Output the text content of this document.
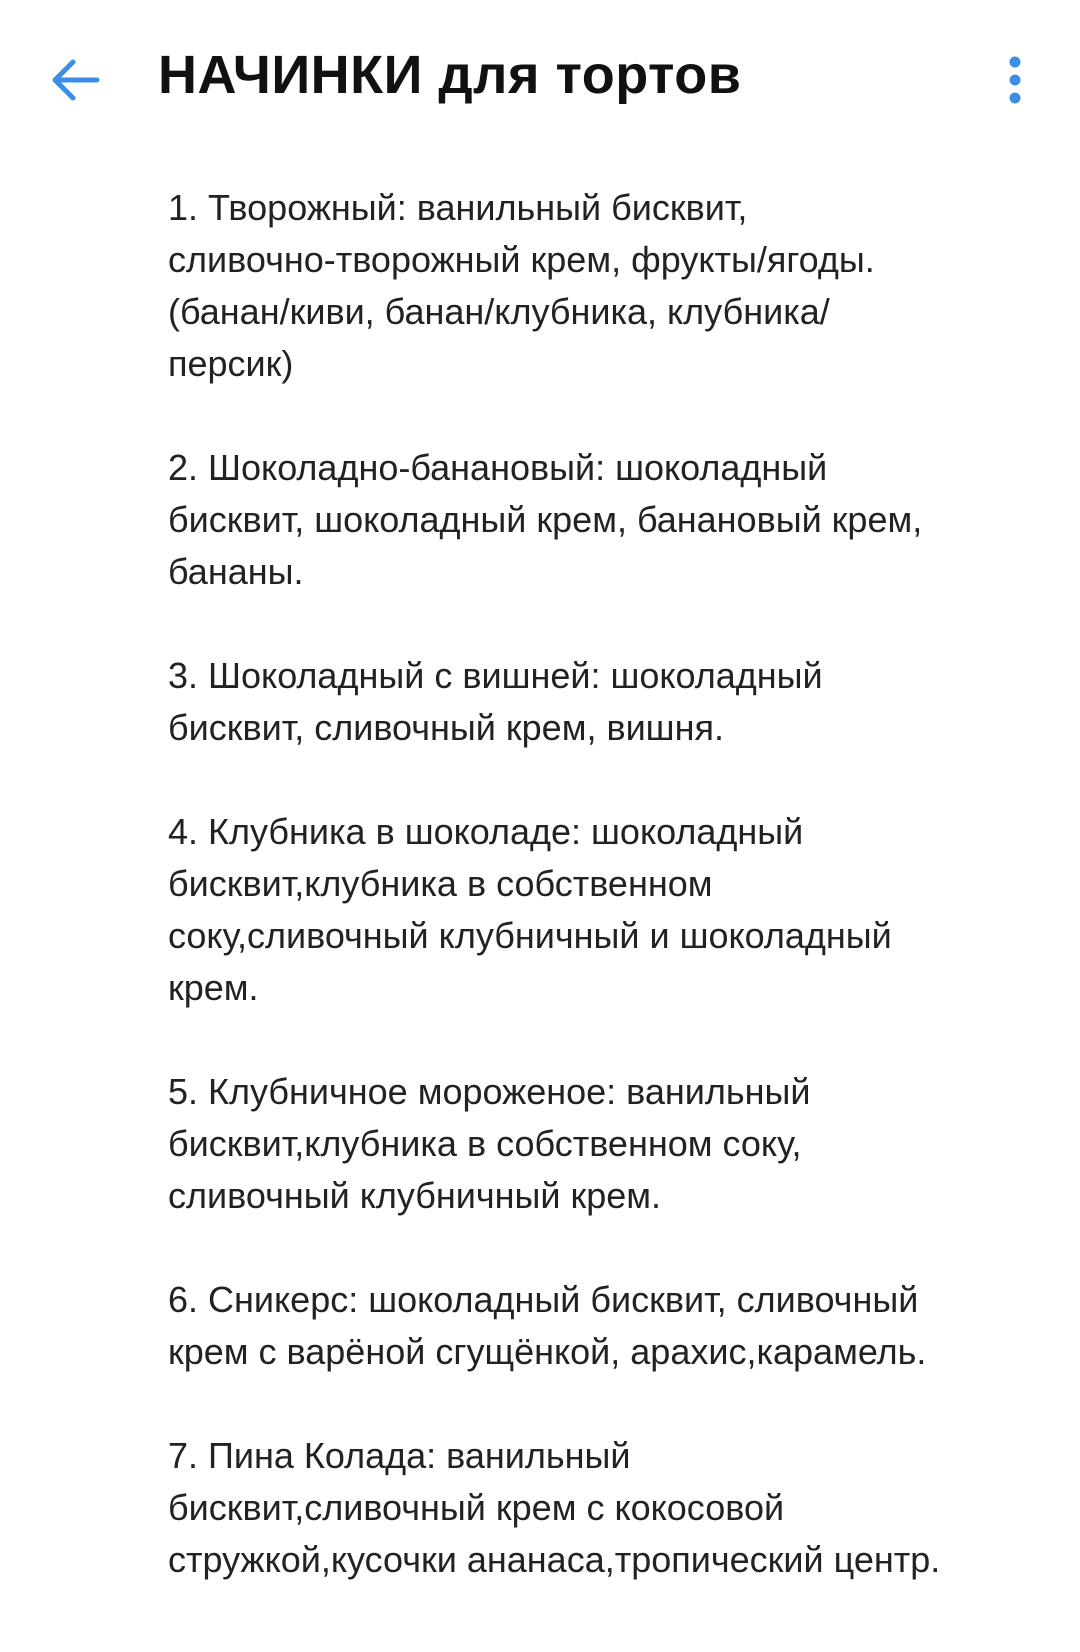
НАЧИНКИ для тортов

1. Творожный: ванильный бисквит,
сливочно-творожный крем, фрукты/ягоды.
(банан/киви, банан/клубника, клубника/
персик)

2. Шоколадно-банановый: шоколадный
бисквит, шоколадный крем, банановый крем,
бананы.

3. Шоколадный с вишней: шоколадный
бисквит, сливочный крем, вишня.

4. Клубника в шоколаде: шоколадный
бисквит,клубника в собственном
соку,сливочный клубничный и шоколадный
крем.

5. Клубничное мороженое: ванильный
бисквит,клубника в собственном соку,
сливочный клубничный крем.

6. Сникерс: шоколадный бисквит, сливочный
крем с варёной сгущёнкой, арахис,карамель.

7. Пина Колада: ванильный
бисквит,сливочный крем с кокосовой
стружкой,кусочки ананаса,тропический центр.
